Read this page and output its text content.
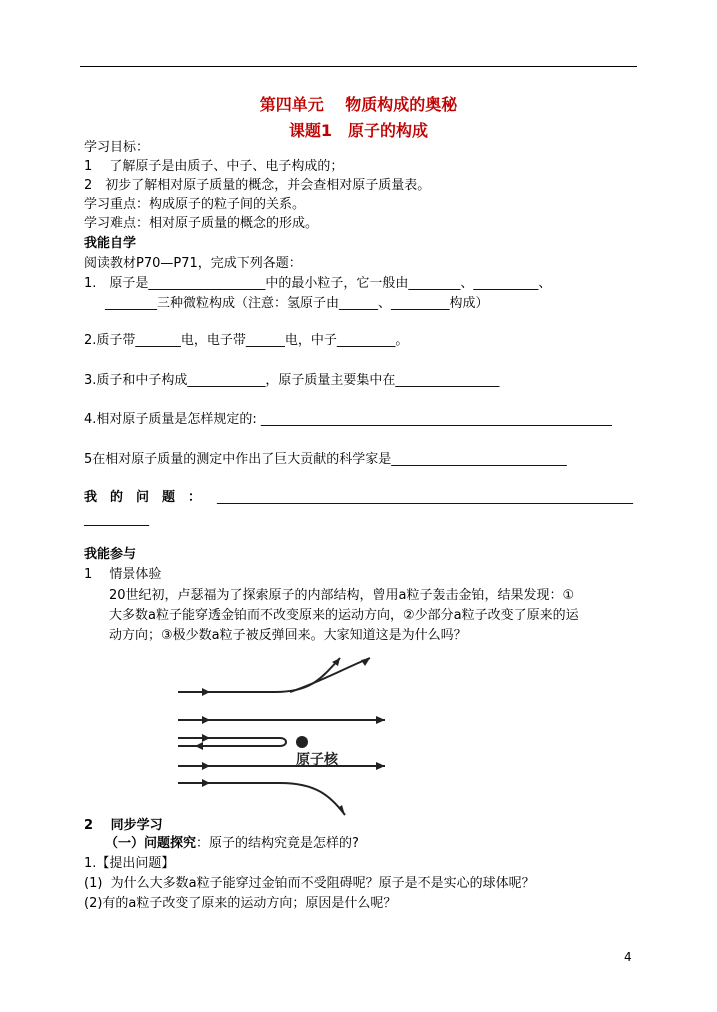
第四单元　 物质构成的奥秘
课题1　原子的构成
学习目标：
1　 了解原子是由质子、中子、电子构成的；
2　初步了解相对原子质量的概念，并会查相对原子质量表。
学习重点：构成原子的粒子间的关系。
学习难点：相对原子质量的概念的形成。
我能自学
阅读教材P70—P71，完成下列各题：
1.　原子是__________________中的最小粒子，它一般由________、__________、
________三种微粒构成（注意：氢原子由______、_________构成）
2.质子带_______电，电子带______电，中子_________。
3.质子和中子构成____________，原子质量主要集中在________________
4.相对原子质量是怎样规定的: ______________________________________________________
5在相对原子质量的测定中作出了巨大贡献的科学家是___________________________
我　的　问　题　： ________________________________________________________________
__________
我能参与
1　 情景体验
20世纪初，卢瑟福为了探索原子的内部结构，曾用a粒子轰击金铂，结果发现：①
大多数a粒子能穿透金铂而不改变原来的运动方向，②少部分a粒子改变了原来的运
动方向；③极少数a粒子被反弹回来。大家知道这是为什么吗？
原子核
2　 同步学习
（一）问题探究：原子的结构究竟是怎样的?
1.【提出问题】
(1)  为什么大多数a粒子能穿过金铂而不受阻碍呢？原子是不是实心的球体呢？
(2)有的a粒子改变了原来的运动方向；原因是什么呢？
4
